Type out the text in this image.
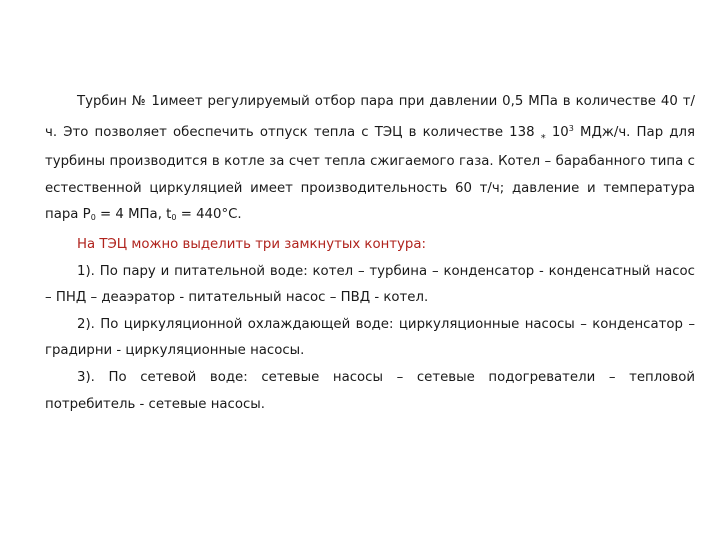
Турбин № 1имеет регулируемый отбор пара при давлении 0,5 МПа в количестве 40 т/ч. Это позволяет обеспечить отпуск тепла с ТЭЦ в количестве 138 ⁎ $10^3$ МДж/ч. Пар для турбины производится в котле за счет тепла сжигаемого газа. Котел – барабанного типа с естественной циркуляцией имеет производительность 60 т/ч; давление и температура пара $P_0 = 4$ МПа, $t_0 = 440^\circ С$.

На ТЭЦ можно выделить три замкнутых контура:

1). По пару и питательной воде: котел – турбина – конденсатор - конденсатный насос – ПНД – деаэратор - питательный насос – ПВД - котел.

2). По циркуляционной охлаждающей воде: циркуляционные насосы – конденсатор – градирни - циркуляционные насосы.

3). По сетевой воде: сетевые насосы – сетевые подогреватели – тепловой потребитель - сетевые насосы.
